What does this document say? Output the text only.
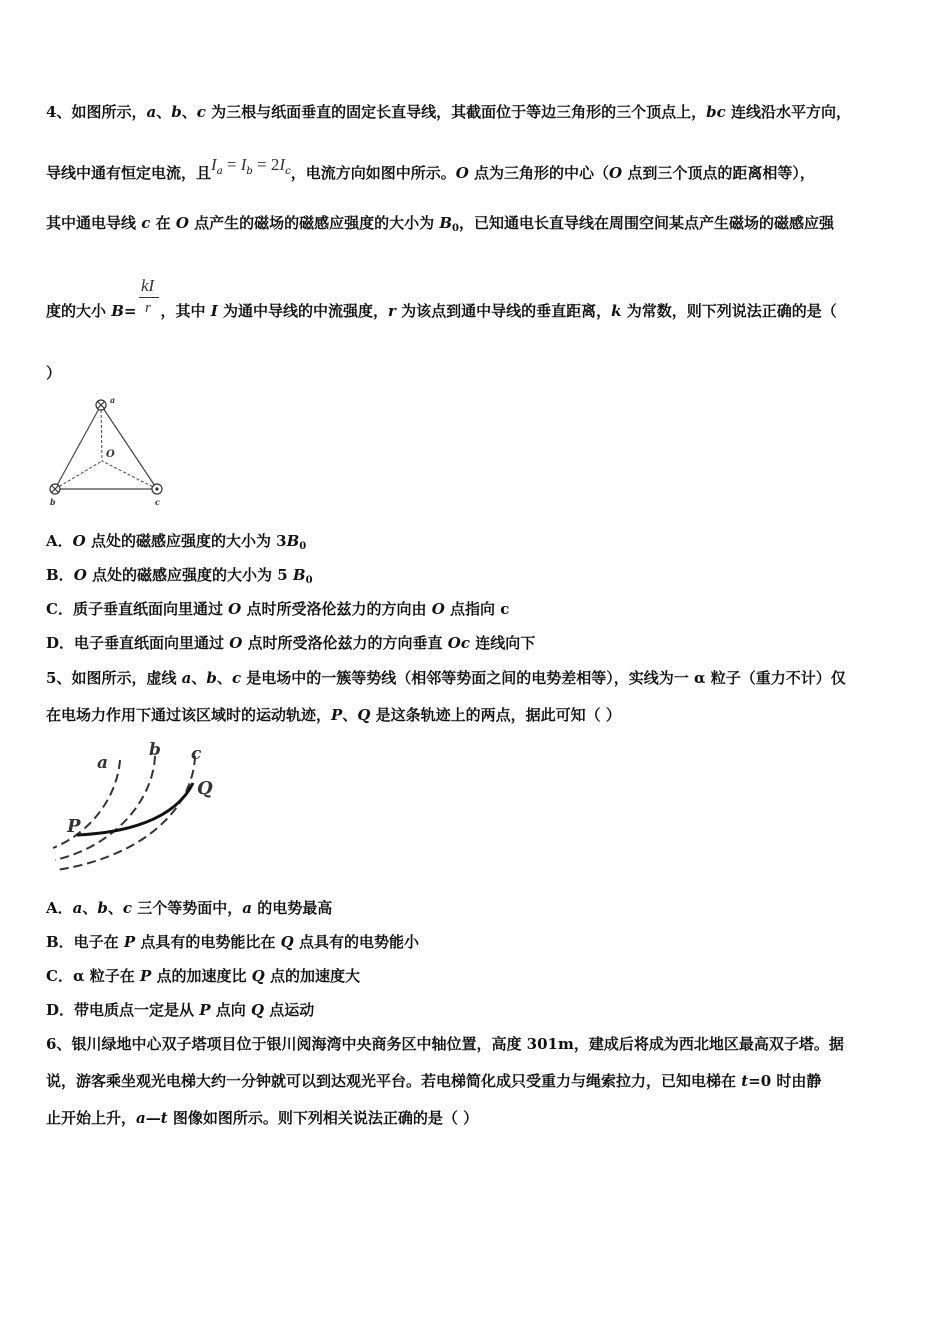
4、如图所示，a、b、c 为三根与纸面垂直的固定长直导线，其截面位于等边三角形的三个顶点上，bc 连线沿水平方向，
导线中通有恒定电流，且$I_a = I_b = 2I_c$，电流方向如图中所示。O 点为三角形的中心（O 点到三个顶点的距离相等），
其中通电导线 c 在 O 点产生的磁场的磁感应强度的大小为 $B_0$，已知通电长直导线在周围空间某点产生磁场的磁感应强
kI
r
度的大小 B= ，其中 I 为通中导线的中流强度，r 为该点到通中导线的垂直距离，k 为常数，则下列说法正确的是（
）
a
b	c
O
A．O 点处的磁感应强度的大小为 $3B_0$
B．O 点处的磁感应强度的大小为 5 $B_0$
C．质子垂直纸面向里通过 O 点时所受洛伦兹力的方向由 O 点指向 c
D．电子垂直纸面向里通过 O 点时所受洛伦兹力的方向垂直 Oc 连线向下
5、如图所示，虚线 a、b、c 是电场中的一簇等势线（相邻等势面之间的电势差相等），实线为一 α 粒子（重力不计）仅
在电场力作用下通过该区域时的运动轨迹，P、Q 是这条轨迹上的两点，据此可知（ ）
a
b c
P
Q
A．a、b、c 三个等势面中，a 的电势最高
B．电子在 P 点具有的电势能比在 Q 点具有的电势能小
C．α 粒子在 P 点的加速度比 Q 点的加速度大
D．带电质点一定是从 P 点向 Q 点运动
6、银川绿地中心双子塔项目位于银川阅海湾中央商务区中轴位置，高度 301m，建成后将成为西北地区最高双子塔。据
说，游客乘坐观光电梯大约一分钟就可以到达观光平台。若电梯简化成只受重力与绳索拉力，已知电梯在 t=0 时由静
止开始上升，a—t 图像如图所示。则下列相关说法正确的是（ ）
